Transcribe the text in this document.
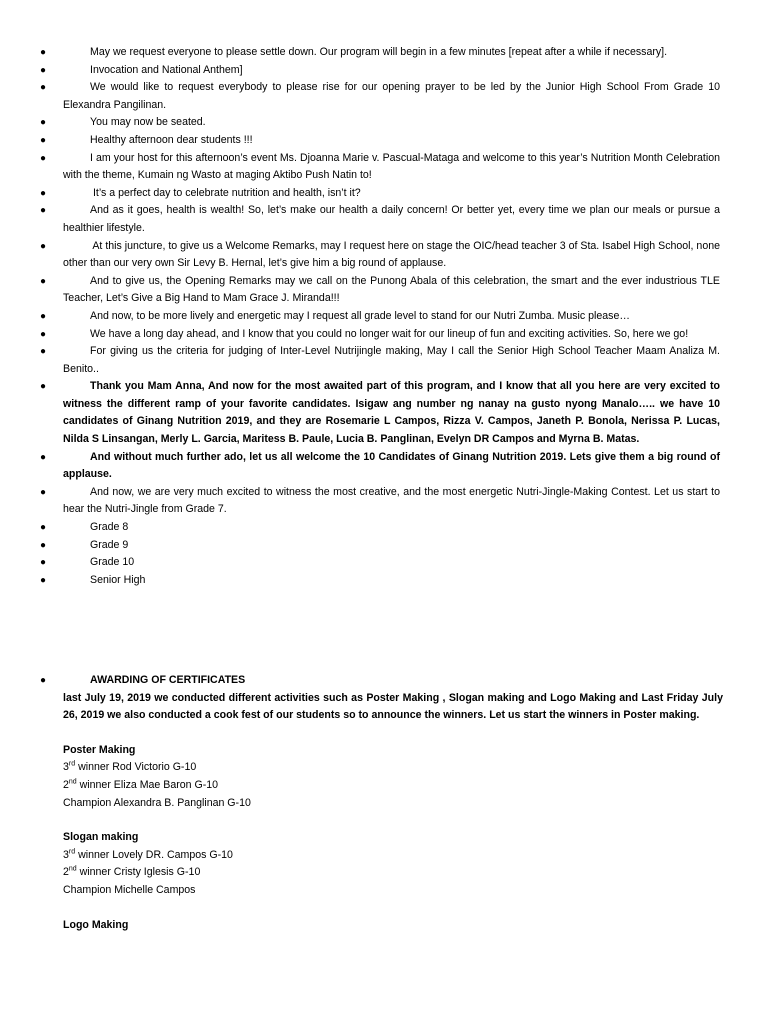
●	May we request everyone to please settle down. Our program will begin in a few minutes [repeat after a while if necessary].
●	Invocation and National Anthem]
●	We would like to request everybody to please rise for our opening prayer to be led by the Junior High School From Grade 10 Elexandra Pangilinan.
●	You may now be seated.
●	Healthy afternoon dear students !!!
●	I am your host for this afternoon’s event Ms. Djoanna Marie v. Pascual-Mataga and welcome to this year’s Nutrition Month Celebration with the theme, Kumain ng Wasto at maging Aktibo Push Natin to!
●	It’s a perfect day to celebrate nutrition and health, isn’t it?
●	And as it goes, health is wealth! So, let’s make our health a daily concern! Or better yet, every time we plan our meals or pursue a healthier lifestyle.
●	At this juncture, to give us a Welcome Remarks, may I request here on stage the OIC/head teacher 3 of Sta. Isabel High School, none other than our very own Sir Levy B. Hernal, let’s give him a big round of applause.
●	And to give us, the Opening Remarks may we call on the Punong Abala of this celebration, the smart and the ever industrious TLE Teacher, Let’s Give a Big Hand to Mam Grace J. Miranda!!!
●	And now, to be more lively and energetic may I request all grade level to stand for our Nutri Zumba. Music please…
●	We have a long day ahead, and I know that you could no longer wait for our lineup of fun and exciting activities. So, here we go!
●	For giving us the criteria for judging of Inter-Level Nutrijingle making, May I call the Senior High School Teacher Maam Analiza M. Benito..
●	Thank you Mam Anna, And now for the most awaited part of this program, and I know that all you here are very excited to witness the different ramp of your favorite candidates. Isigaw ang number ng nanay na gusto nyong Manalo….. we have 10 candidates of Ginang Nutrition 2019, and they are Rosemarie L Campos, Rizza V. Campos, Janeth P. Bonola, Nerissa P. Lucas, Nilda S Linsangan, Merly L. Garcia, Maritess B. Paule, Lucia B. Panglinan, Evelyn DR Campos and Myrna B. Matas.
●	And without much further ado, let us all welcome the 10 Candidates of Ginang Nutrition 2019. Lets give them a big round of applause.
●	And now, we are very much excited to witness the most creative, and the most energetic Nutri-Jingle-Making Contest. Let us start to hear the Nutri-Jingle from Grade 7.
●	Grade 8
●	Grade 9
●	Grade 10
●	Senior High
●	AWARDING OF CERTIFICATES
last July 19, 2019 we conducted different activities such as Poster Making , Slogan making and Logo Making and Last Friday July 26, 2019 we also conducted a cook fest of our students so to announce the winners. Let us start the winners in Poster making.
Poster Making
3rd winner Rod Victorio G-10
2nd winner Eliza Mae Baron G-10
Champion Alexandra B. Panglinan G-10
Slogan making
3rd winner Lovely DR. Campos G-10
2nd winner Cristy Iglesis G-10
Champion Michelle Campos
Logo Making
